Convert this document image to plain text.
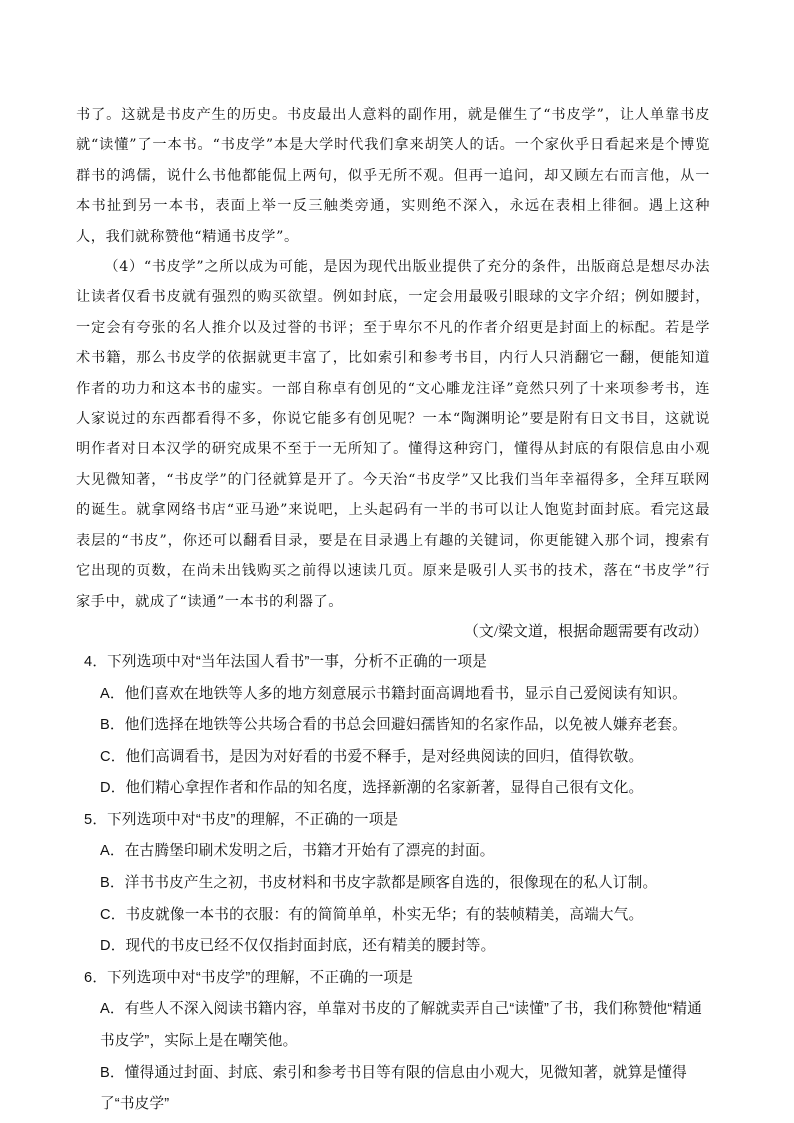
书了。这就是书皮产生的历史。书皮最出人意料的副作用，就是催生了“书皮学”，让人单靠书皮就“读懂”了一本书。“书皮学”本是大学时代我们拿来胡笑人的话。一个家伙乎日看起来是个博览群书的鸿儒，说什么书他都能侃上两句，似乎无所不观。但再一追问，却又顾左右而言他，从一本书扯到另一本书，表面上举一反三触类旁通，实则绝不深入，永远在表相上徘徊。遇上这种人，我们就称赞他“精通书皮学”。

（4）“书皮学”之所以成为可能，是因为现代出版业提供了充分的条件，出版商总是想尽办法让读者仅看书皮就有强烈的购买欲望。例如封底，一定会用最吸引眼球的文字介绍；例如腰封，一定会有夸张的名人推介以及过誉的书评；至于卑尔不凡的作者介绍更是封面上的标配。若是学术书籍，那么书皮学的依据就更丰富了，比如索引和参考书目，内行人只消翻它一翻，便能知道作者的功力和这本书的虚实。一部自称卓有创见的“文心雕龙注译”竟然只列了十来项参考书，连人家说过的东西都看得不多，你说它能多有创见呢？一本“陶渊明论”要是附有日文书目，这就说明作者对日本汉学的研究成果不至于一无所知了。懂得这种窍门，懂得从封底的有限信息由小观大见微知著，“书皮学”的门径就算是开了。今天治“书皮学”又比我们当年幸福得多，全拜互联网的诞生。就拿网络书店“亚马逊”来说吧，上头起码有一半的书可以让人饱览封面封底。看完这最表层的“书皮”，你还可以翻看目录，要是在目录遇上有趣的关键词，你更能键入那个词，搜索有它出现的页数，在尚未出钱购买之前得以速读几页。原来是吸引人买书的技术，落在“书皮学”行家手中，就成了“读通”一本书的利器了。

（文/梁文道，根据命题需要有改动）

4．下列选项中对“当年法国人看书”一事，分析不正确的一项是

A．他们喜欢在地铁等人多的地方刻意展示书籍封面高调地看书，显示自己爱阅读有知识。

B．他们选择在地铁等公共场合看的书总会回避妇孺皆知的名家作品，以免被人嫌弃老套。

C．他们高调看书，是因为对好看的书爱不释手，是对经典阅读的回归，值得钦敬。

D．他们精心拿捏作者和作品的知名度，选择新潮的名家新著，显得自己很有文化。

5．下列选项中对“书皮”的理解，不正确的一项是

A．在古腾堡印刷术发明之后，书籍才开始有了漂亮的封面。

B．洋书书皮产生之初，书皮材料和书皮字款都是顾客自选的，很像现在的私人订制。

C．书皮就像一本书的衣服：有的简简单单，朴实无华；有的装帧精美，高端大气。

D．现代的书皮已经不仅仅指封面封底，还有精美的腰封等。

6．下列选项中对“书皮学”的理解，不正确的一项是

A．有些人不深入阅读书籍内容，单靠对书皮的了解就卖弄自己“读懂”了书，我们称赞他“精通书皮学”，实际上是在嘲笑他。

B．懂得通过封面、封底、索引和参考书目等有限的信息由小观大，见微知著，就算是懂得了“书皮学”
